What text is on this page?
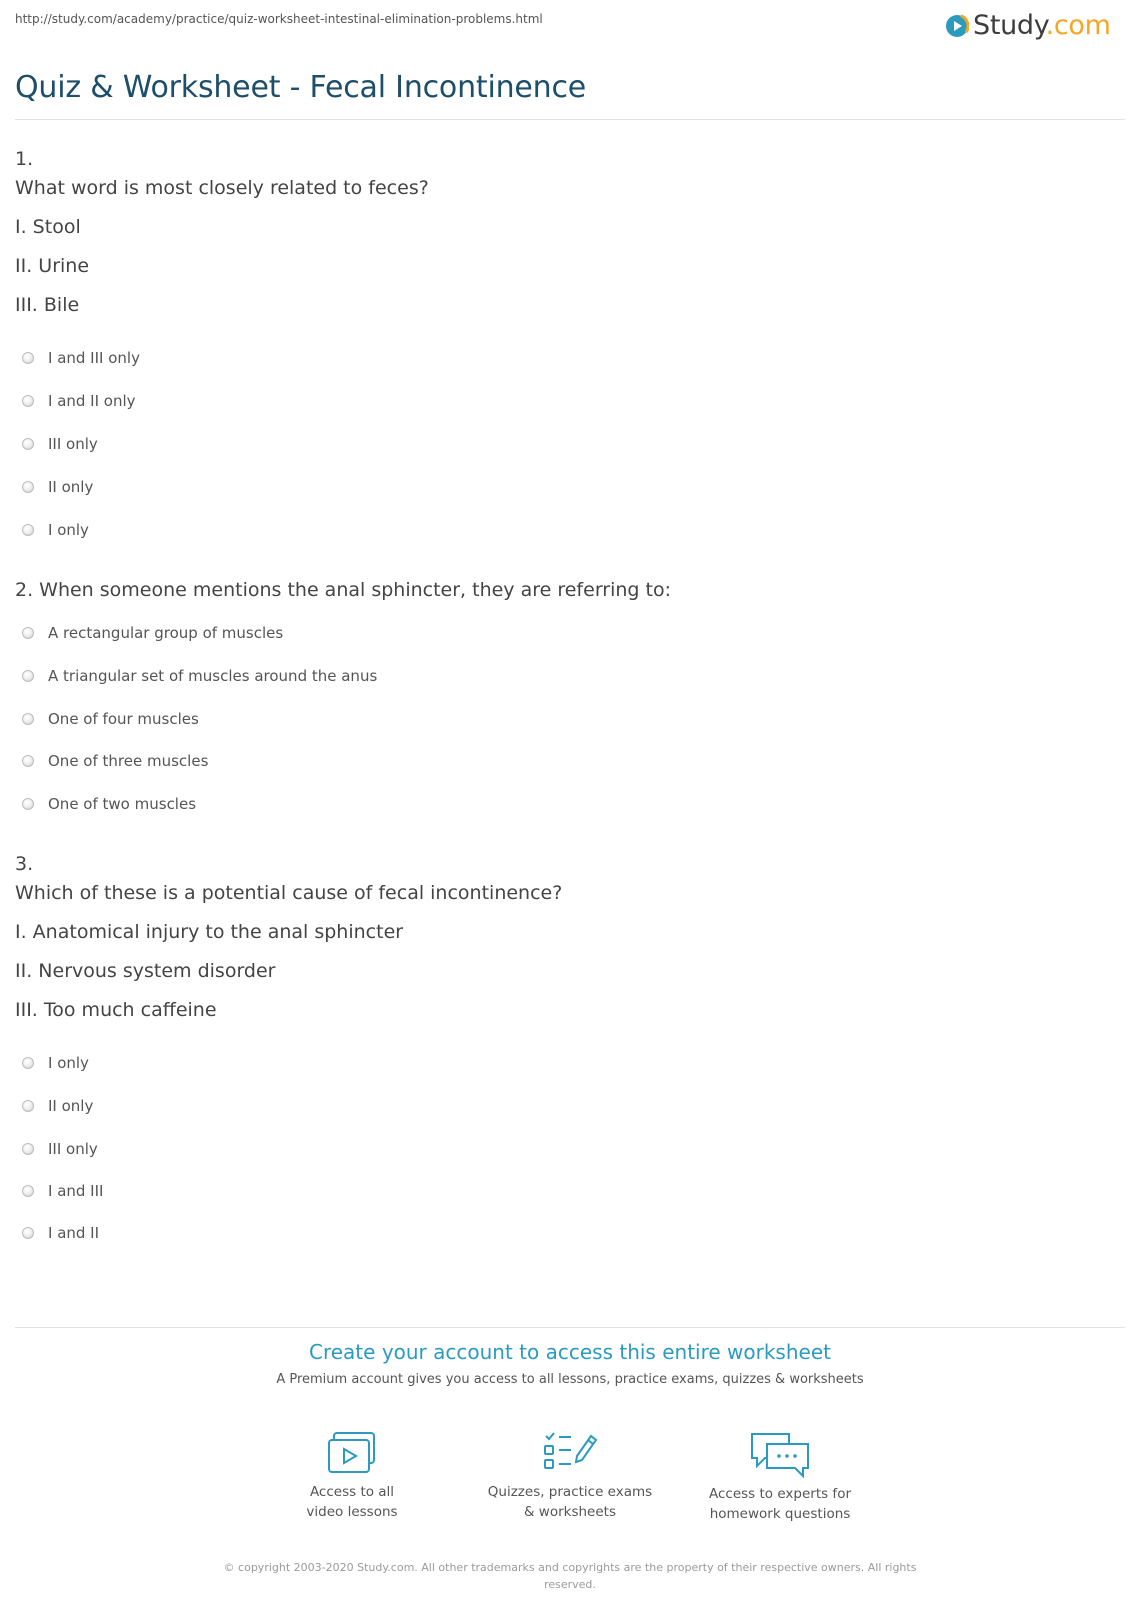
http://study.com/academy/practice/quiz-worksheet-intestinal-elimination-problems.html	Study.com
Quiz & Worksheet - Fecal Incontinence
1.
What word is most closely related to feces?
I. Stool
II. Urine
III. Bile
I and III only
I and II only
III only
II only
I only
2. When someone mentions the anal sphincter, they are referring to:
A rectangular group of muscles
A triangular set of muscles around the anus
One of four muscles
One of three muscles
One of two muscles
3.
Which of these is a potential cause of fecal incontinence?
I. Anatomical injury to the anal sphincter
II. Nervous system disorder
III. Too much caffeine
I only
II only
III only
I and III
I and II
Create your account to access this entire worksheet
A Premium account gives you access to all lessons, practice exams, quizzes & worksheets
Access to all
video lessons
Quizzes, practice exams
& worksheets
Access to experts for
homework questions
© copyright 2003-2020 Study.com. All other trademarks and copyrights are the property of their respective owners. All rights
reserved.
